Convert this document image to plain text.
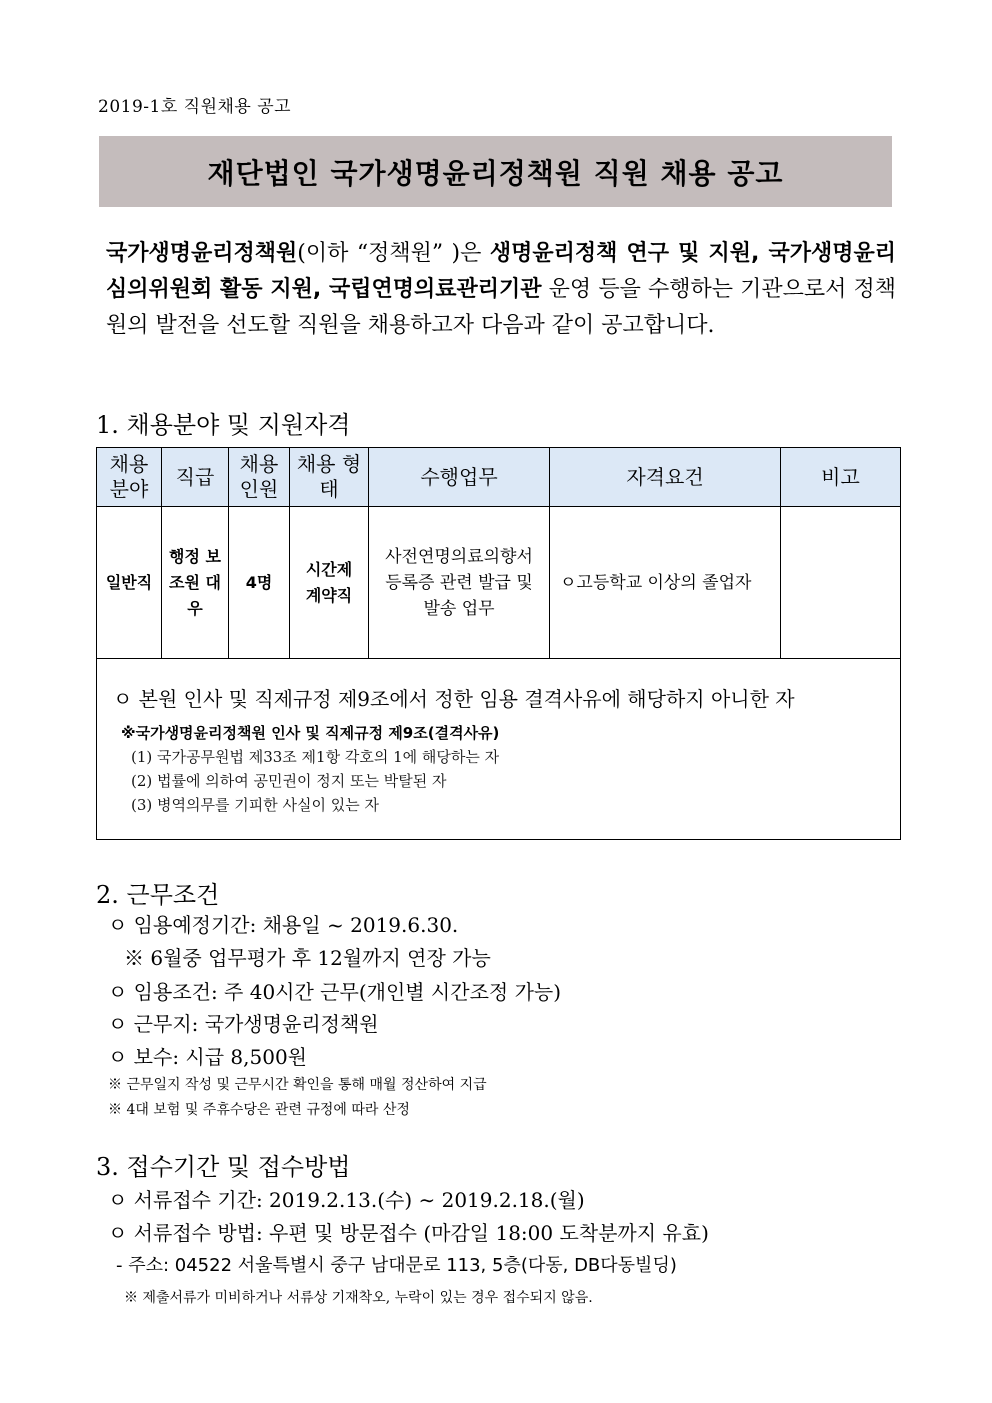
2019-1호 직원채용 공고
재단법인 국가생명윤리정책원 직원 채용 공고
국가생명윤리정책원(이하 “정책원” )은 생명윤리정책 연구 및 지원, 국가생명윤리심의위원회 활동 지원, 국립연명의료관리기관 운영 등을 수행하는 기관으로서 정책원의 발전을 선도할 직원을 채용하고자 다음과 같이 공고합니다.
1. 채용분야 및 지원자격
채용 분야	직급	채용 인원	채용 형태	수행업무	자격요건	비고
일반직	행정 보조원 대우	4명	시간제 계약직	사전연명의료의향서 등록증 관련 발급 및 발송 업무	ㅇ고등학교 이상의 졸업자	

ㅇ 본원 인사 및 직제규정 제9조에서 정한 임용 결격사유에 해당하지 아니한 자
※국가생명윤리정책원 인사 및 직제규정 제9조(결격사유)
(1) 국가공무원법 제33조 제1항 각호의 1에 해당하는 자
(2) 법률에 의하여 공민권이 정지 또는 박탈된 자
(3) 병역의무를 기피한 사실이 있는 자						
2. 근무조건
ㅇ 임용예정기간: 채용일 ~ 2019.6.30.
※ 6월중 업무평가 후 12월까지 연장 가능
ㅇ 임용조건: 주 40시간 근무(개인별 시간조정 가능)
ㅇ 근무지: 국가생명윤리정책원
ㅇ 보수: 시급 8,500원
※ 근무일지 작성 및 근무시간 확인을 통해 매월 정산하여 지급
※ 4대 보험 및 주휴수당은 관련 규정에 따라 산정
3. 접수기간 및 접수방법
ㅇ 서류접수 기간: 2019.2.13.(수) ∼ 2019.2.18.(월)
ㅇ 서류접수 방법: 우편 및 방문접수 (마감일 18:00 도착분까지 유효)
- 주소: 04522 서울특별시 중구 남대문로 113, 5층(다동, DB다동빌딩)
※ 제출서류가 미비하거나 서류상 기재착오, 누락이 있는 경우 접수되지 않음.
